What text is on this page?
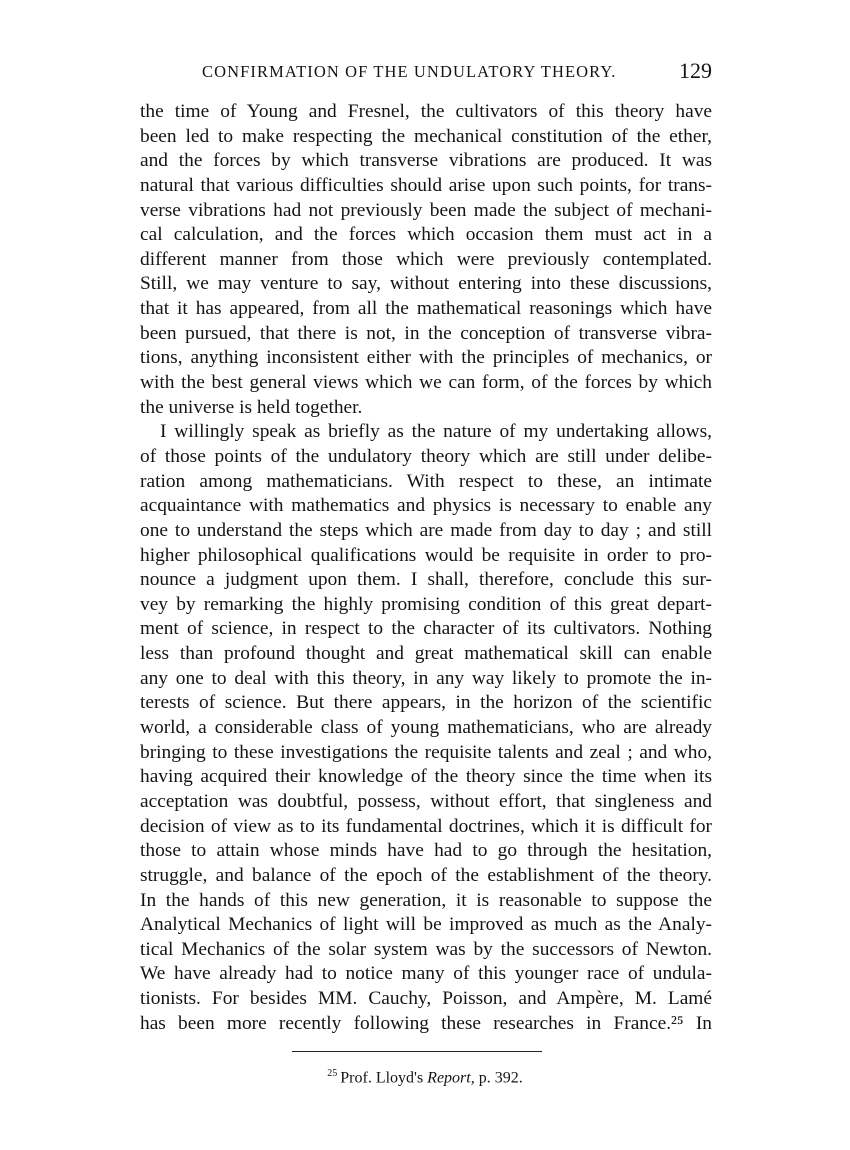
CONFIRMATION OF THE UNDULATORY THEORY.	129
the time of Young and Fresnel, the cultivators of this theory have
been led to make respecting the mechanical constitution of the ether,
and the forces by which transverse vibrations are produced. It was
natural that various difficulties should arise upon such points, for trans-
verse vibrations had not previously been made the subject of mechani-
cal calculation, and the forces which occasion them must act in a
different manner from those which were previously contemplated.
Still, we may venture to say, without entering into these discussions,
that it has appeared, from all the mathematical reasonings which have
been pursued, that there is not, in the conception of transverse vibra-
tions, anything inconsistent either with the principles of mechanics, or
with the best general views which we can form, of the forces by which
the universe is held together.
I willingly speak as briefly as the nature of my undertaking allows,
of those points of the undulatory theory which are still under delibe-
ration among mathematicians. With respect to these, an intimate
acquaintance with mathematics and physics is necessary to enable any
one to understand the steps which are made from day to day ; and still
higher philosophical qualifications would be requisite in order to pro-
nounce a judgment upon them. I shall, therefore, conclude this sur-
vey by remarking the highly promising condition of this great depart-
ment of science, in respect to the character of its cultivators. Nothing
less than profound thought and great mathematical skill can enable
any one to deal with this theory, in any way likely to promote the in-
terests of science. But there appears, in the horizon of the scientific
world, a considerable class of young mathematicians, who are already
bringing to these investigations the requisite talents and zeal ; and who,
having acquired their knowledge of the theory since the time when its
acceptation was doubtful, possess, without effort, that singleness and
decision of view as to its fundamental doctrines, which it is difficult for
those to attain whose minds have had to go through the hesitation,
struggle, and balance of the epoch of the establishment of the theory.
In the hands of this new generation, it is reasonable to suppose the
Analytical Mechanics of light will be improved as much as the Analy-
tical Mechanics of the solar system was by the successors of Newton.
We have already had to notice many of this younger race of undula-
tionists. For besides MM. Cauchy, Poisson, and Ampère, M. Lamé
has been more recently following these researches in France.²⁵ In
$^{25}$ Prof. Lloyd's Report, p. 392.
